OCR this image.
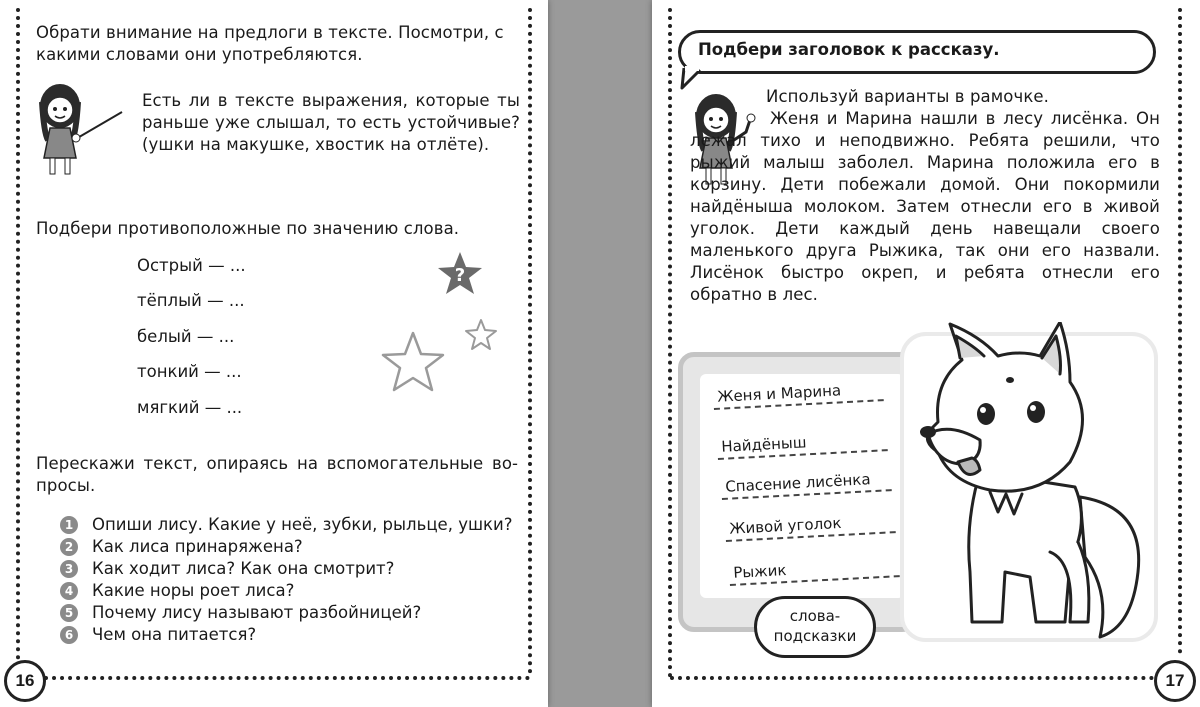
Обрати внимание на предлоги в тексте. Посмотри, с какими словами они употребляются.
Есть ли в тексте выражения, которые ты раньше уже слышал, то есть устойчивые? (ушки на макушке, хвостик на отлёте).
Подбери противоположные по значению слова.
Острый — ...
тёплый — ...
белый — ...
тонкий — ...
мягкий — ...
?
Перескажи текст, опираясь на вспомогательные вопросы.
1 Опиши лису. Какие у неё, зубки, рыльце, ушки?
2 Как лиса принаряжена?
3 Как ходит лиса? Как она смотрит?
4 Какие норы роет лиса?
5 Почему лису называют разбойницей?
6 Чем она питается?
16
Подбери заголовок к рассказу.
Используй варианты в рамочке.
Женя и Марина нашли в лесу лисёнка. Он лежал тихо и неподвижно. Ребята решили, что рыжий малыш заболел. Марина положила его в корзину. Дети побежали домой. Они покормили найдёныша молоком. Затем отнесли его в живой уголок. Дети каждый день навещали своего маленького друга Рыжика, так они его назвали. Лисёнок быстро окреп, и ребята отнесли его обратно в лес.
Женя и Марина
Найдёныш
Спасение лисёнка
Живой уголок
Рыжик
слова-подсказки
17
